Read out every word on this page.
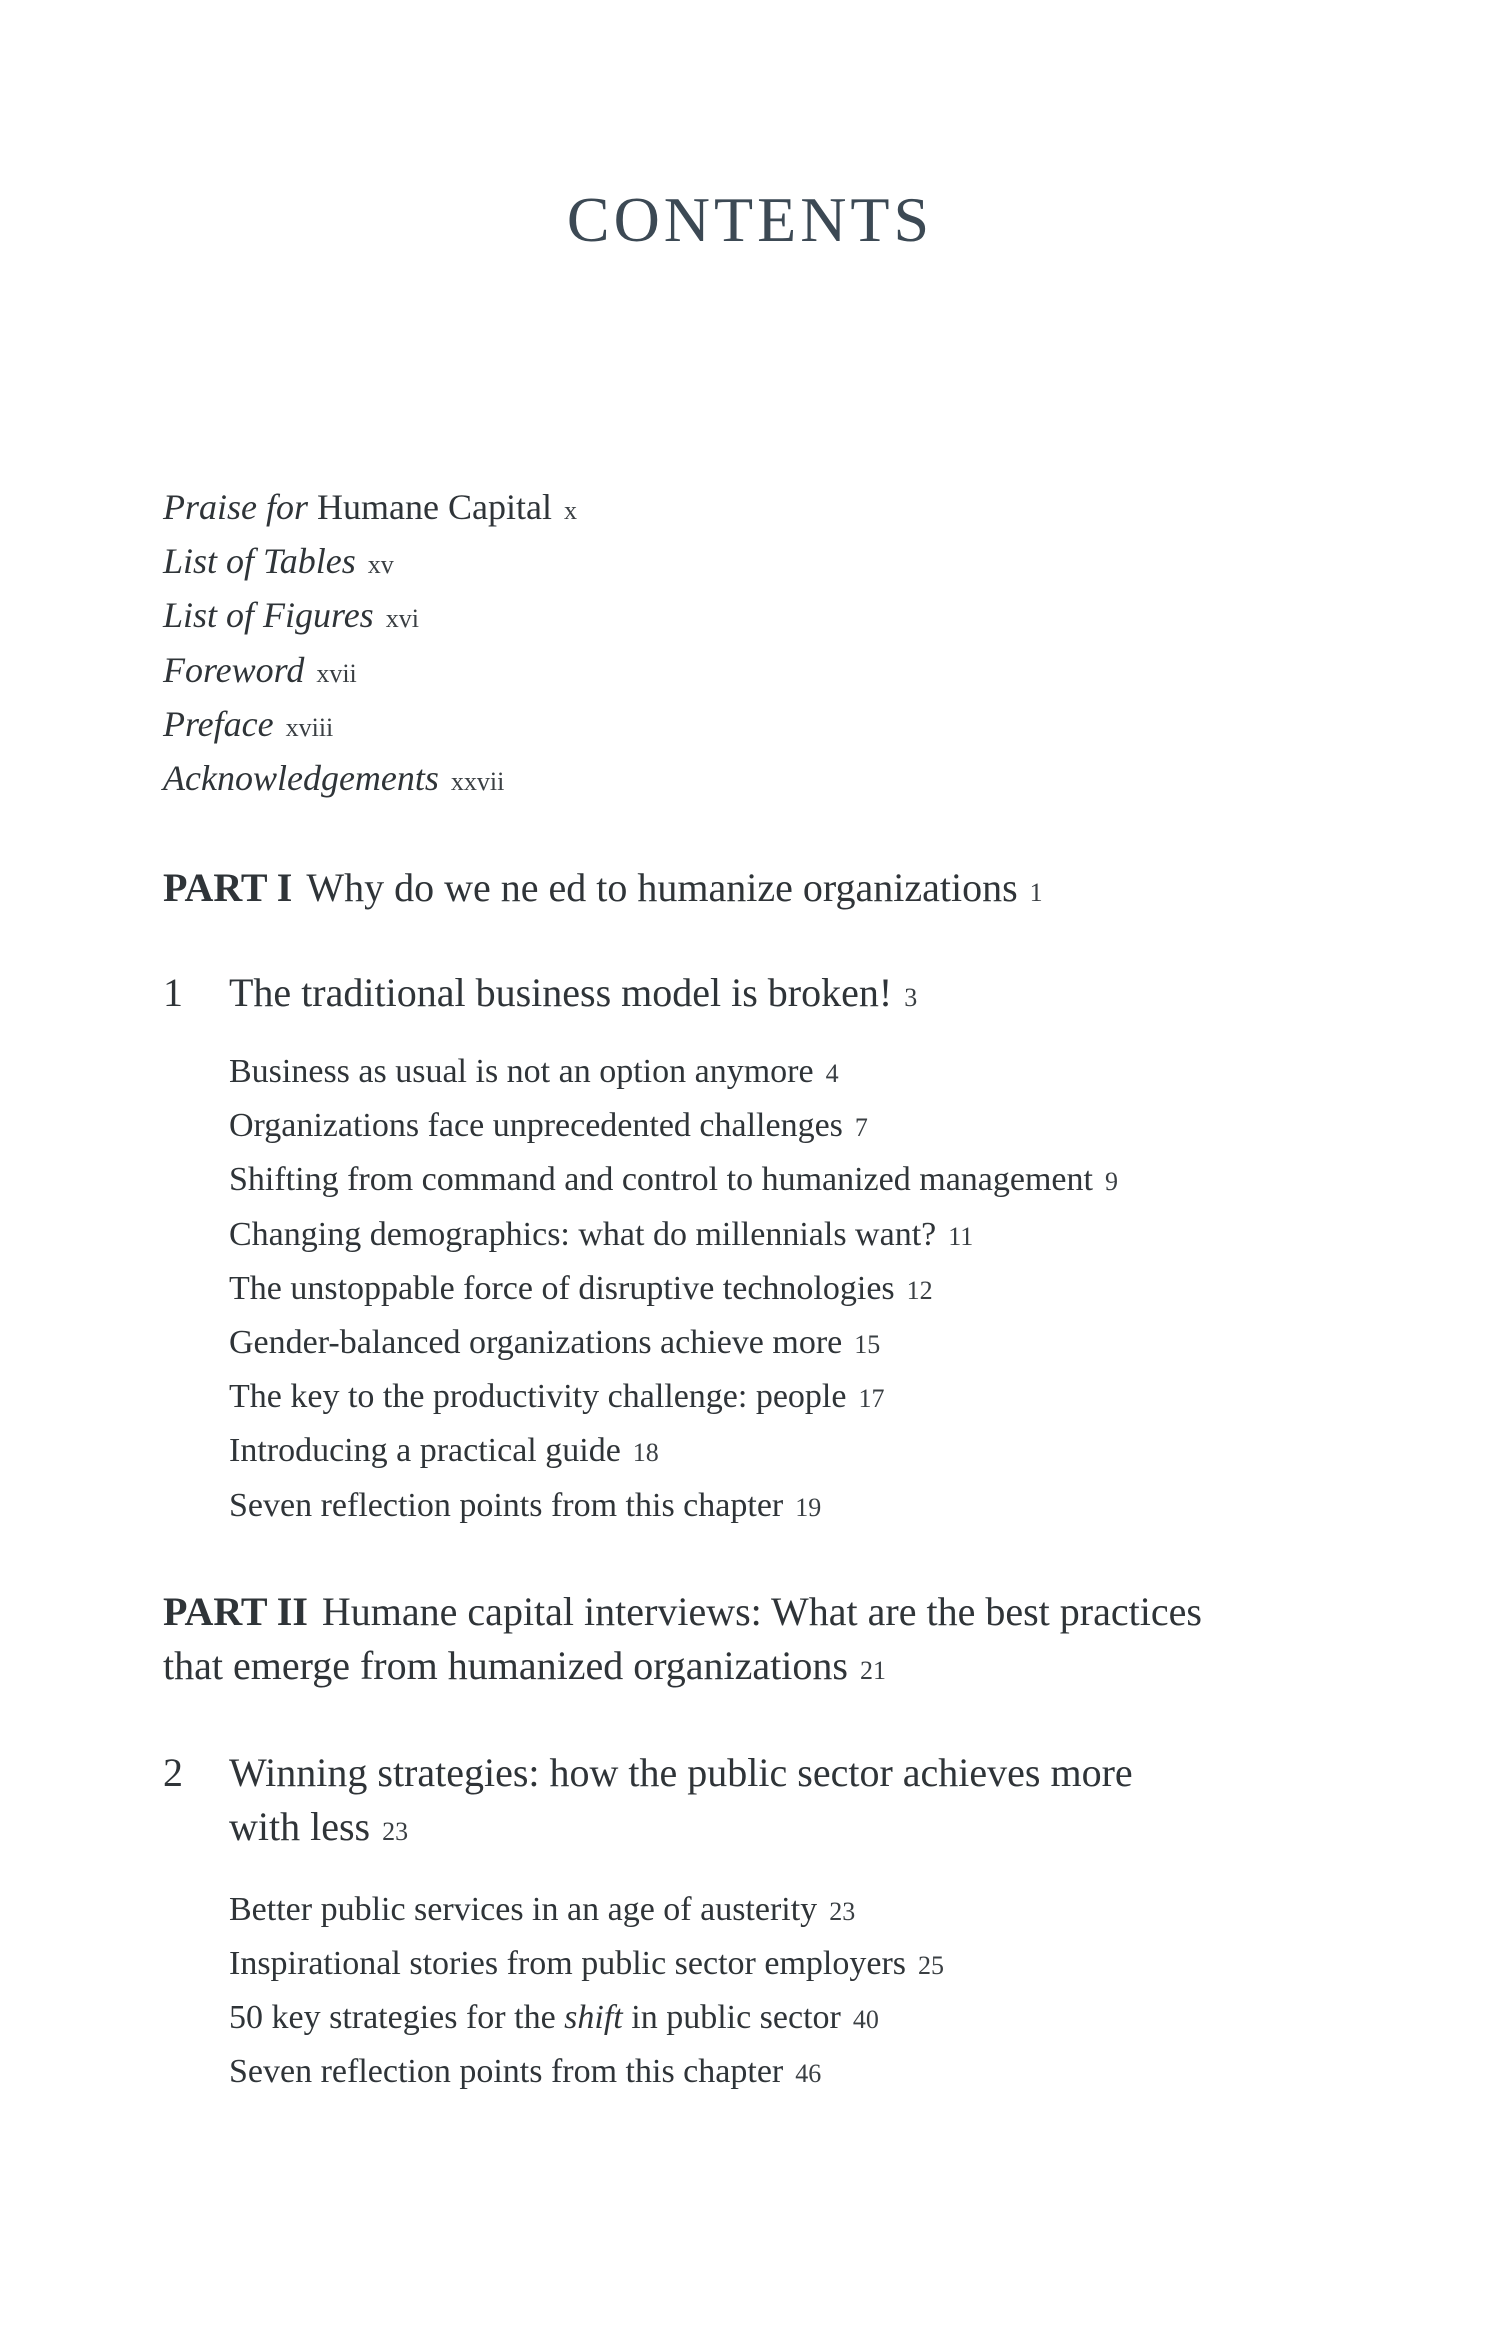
CONTENTS
Praise for Humane Capital x
List of Tables xv
List of Figures xvi
Foreword xvii
Preface xviii
Acknowledgements xxvii
PART I Why do we ne ed to humanize organizations 1
1 The traditional business model is broken! 3
Business as usual is not an option anymore 4
Organizations face unprecedented challenges 7
Shifting from command and control to humanized management 9
Changing demographics: what do millennials want? 11
The unstoppable force of disruptive technologies 12
Gender-balanced organizations achieve more 15
The key to the productivity challenge: people 17
Introducing a practical guide 18
Seven reflection points from this chapter 19
PART II Humane capital interviews: What are the best practices
that emerge from humanized organizations 21
2 Winning strategies: how the public sector achieves more
with less 23
Better public services in an age of austerity 23
Inspirational stories from public sector employers 25
50 key strategies for the shift in public sector 40
Seven reflection points from this chapter 46
